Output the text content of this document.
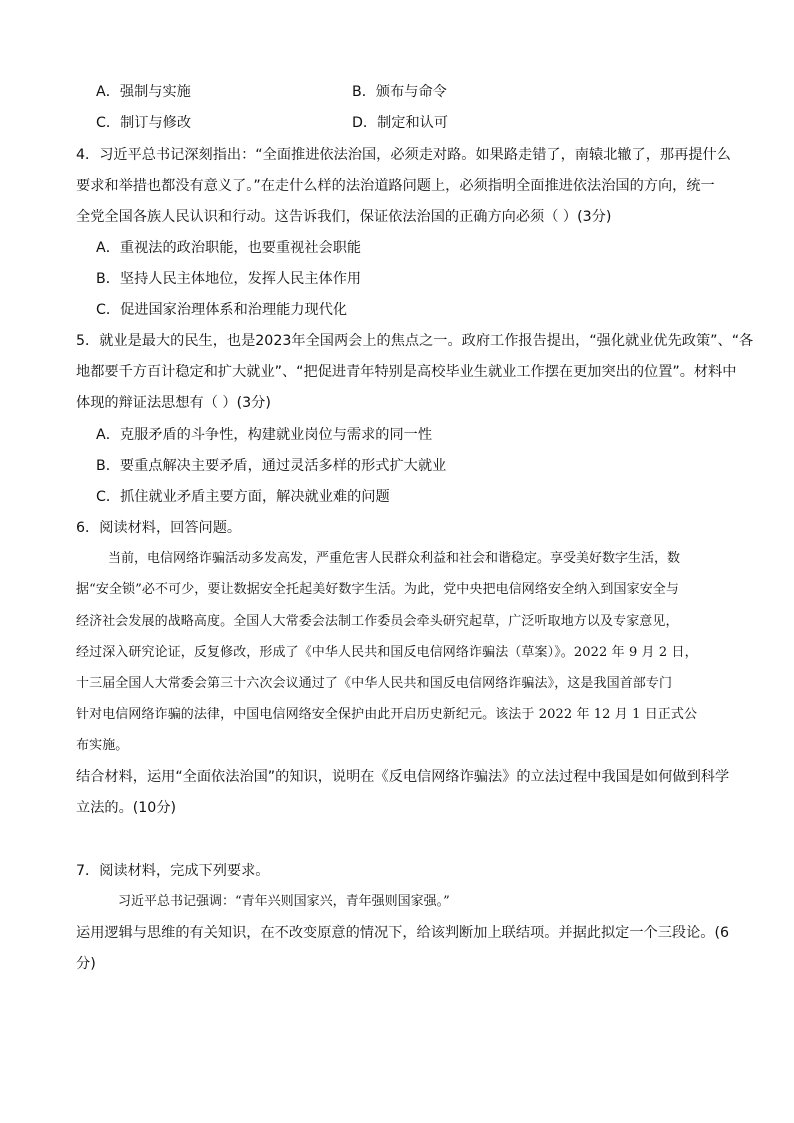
A．强制与实施	B．颁布与命令
C．制订与修改	D．制定和认可
4．习近平总书记深刻指出：“全面推进依法治国，必须走对路。如果路走错了，南辕北辙了，那再提什么
要求和举措也都没有意义了。”在走什么样的法治道路问题上，必须指明全面推进依法治国的方向，统一
全党全国各族人民认识和行动。这告诉我们，保证依法治国的正确方向必须（ ）(3分)
A．重视法的政治职能，也要重视社会职能
B．坚持人民主体地位，发挥人民主体作用
C．促进国家治理体系和治理能力现代化
5．就业是最大的民生，也是2023年全国两会上的焦点之一。政府工作报告提出，“强化就业优先政策”、“各
地都要千方百计稳定和扩大就业”、“把促进青年特别是高校毕业生就业工作摆在更加突出的位置”。材料中
体现的辩证法思想有（ ）(3分)
A．克服矛盾的斗争性，构建就业岗位与需求的同一性
B．要重点解决主要矛盾，通过灵活多样的形式扩大就业
C．抓住就业矛盾主要方面，解决就业难的问题
6．阅读材料，回答问题。
当前，电信网络诈骗活动多发高发，严重危害人民群众利益和社会和谐稳定。享受美好数字生活，数
据“安全锁”必不可少，要让数据安全托起美好数字生活。为此，党中央把电信网络安全纳入到国家安全与
经济社会发展的战略高度。全国人大常委会法制工作委员会牵头研究起草，广泛听取地方以及专家意见，
经过深入研究论证，反复修改，形成了《中华人民共和国反电信网络诈骗法（草案）》。2022 年 9 月 2 日，
十三届全国人大常委会第三十六次会议通过了《中华人民共和国反电信网络诈骗法》，这是我国首部专门
针对电信网络诈骗的法律，中国电信网络安全保护由此开启历史新纪元。该法于 2022 年 12 月 1 日正式公
布实施。
结合材料，运用“全面依法治国”的知识，说明在《反电信网络诈骗法》的立法过程中我国是如何做到科学
立法的。(10分)
7．阅读材料，完成下列要求。
习近平总书记强调：“青年兴则国家兴，青年强则国家强。”
运用逻辑与思维的有关知识，在不改变原意的情况下，给该判断加上联结项。并据此拟定一个三段论。(6
分)
